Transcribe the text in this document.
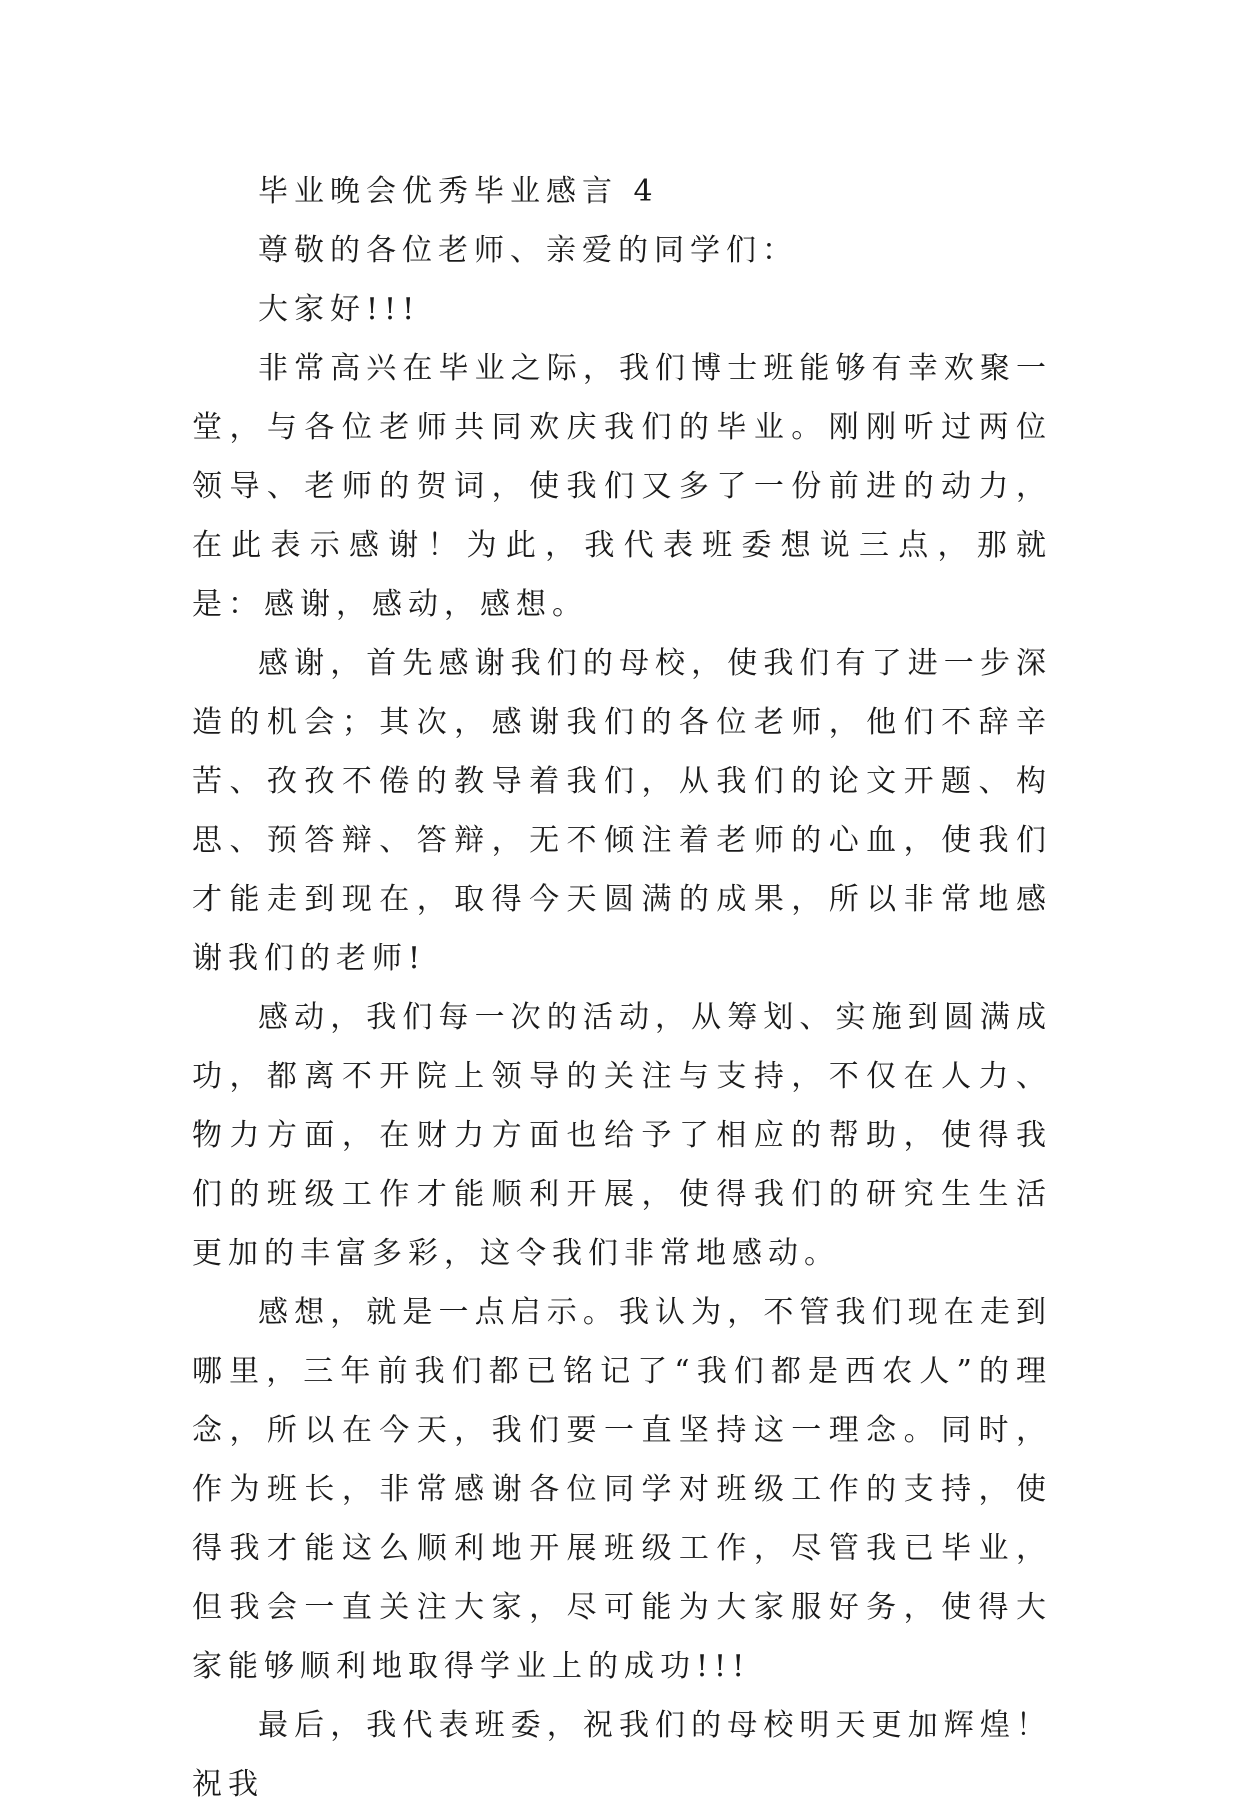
毕业晚会优秀毕业感言 4

尊敬的各位老师、亲爱的同学们：

大家好!!!

非常高兴在毕业之际，我们博士班能够有幸欢聚一堂，与各位老师共同欢庆我们的毕业。刚刚听过两位领导、老师的贺词，使我们又多了一份前进的动力，在此表示感谢！为此，我代表班委想说三点，那就是：感谢，感动，感想。

感谢，首先感谢我们的母校，使我们有了进一步深造的机会；其次，感谢我们的各位老师，他们不辞辛苦、孜孜不倦的教导着我们，从我们的论文开题、构思、预答辩、答辩，无不倾注着老师的心血，使我们才能走到现在，取得今天圆满的成果，所以非常地感谢我们的老师!

感动，我们每一次的活动，从筹划、实施到圆满成功，都离不开院上领导的关注与支持，不仅在人力、物力方面，在财力方面也给予了相应的帮助，使得我们的班级工作才能顺利开展，使得我们的研究生生活更加的丰富多彩，这令我们非常地感动。

感想，就是一点启示。我认为，不管我们现在走到哪里，三年前我们都已铭记了“我们都是西农人”的理念，所以在今天，我们要一直坚持这一理念。同时，作为班长，非常感谢各位同学对班级工作的支持，使得我才能这么顺利地开展班级工作，尽管我已毕业，但我会一直关注大家，尽可能为大家服好务，使得大家能够顺利地取得学业上的成功!!!

最后，我代表班委，祝我们的母校明天更加辉煌！祝我
